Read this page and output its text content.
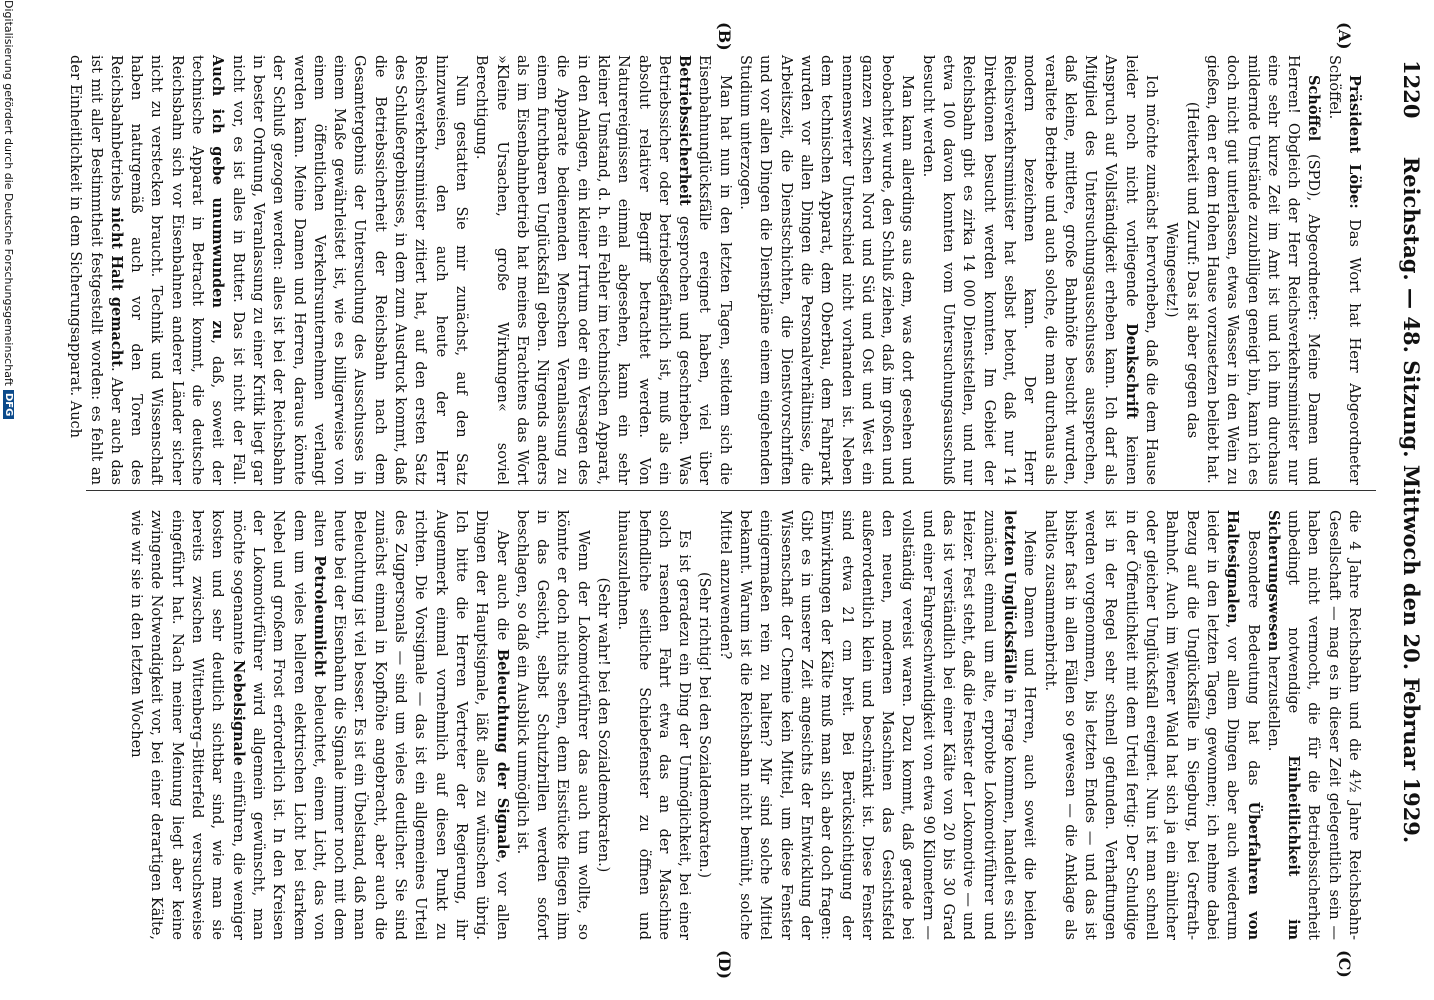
1220
Reichstag. — 48. Sitzung. Mittwoch den 20. Februar 1929.
(A)
(B)
(C)
(D)

Präsident Löbe: Das Wort hat Herr Abgeordneter Schöffel.

Schöffel (SPD), Abgeordneter: Meine Damen und Herren! Obgleich der Herr Reichsverkehrsminister nur eine sehr kurze Zeit im Amt ist und ich ihm durchaus mildernde Umstände zuzubilligen geneigt bin, kann ich es doch nicht gut unterlassen, etwas Wasser in den Wein zu gießen, den er dem Hohen Hause vorzusetzen beliebt hat.

(Heiterkeit und Zuruf: Das ist aber gegen das Weingesetz!)

Ich möchte zunächst hervorheben, daß die dem Hause leider noch nicht vorliegende Denkschrift keinen Anspruch auf Vollständigkeit erheben kann. Ich darf als Mitglied des Untersuchungsausschusses aussprechen, daß kleine, mittlere, große Bahnhöfe besucht wurden, veraltete Betriebe und auch solche, die man durchaus als modern bezeichnen kann. Der Herr Reichsverkehrsminister hat selbst betont, daß nur 14 Direktionen besucht werden konnten. Im Gebiet der Reichsbahn gibt es zirka 14 000 Dienststellen, und nur etwa 100 davon konnten vom Untersuchungsausschuß besucht werden.

Man kann allerdings aus dem, was dort gesehen und beobachtet wurde, den Schluß ziehen, daß im großen und ganzen zwischen Nord und Süd und Ost und West ein nennenswerter Unterschied nicht vorhanden ist. Neben dem technischen Apparat, dem Oberbau, dem Fahrpark wurden vor allen Dingen die Personalverhältnisse, die Arbeitszeit, die Dienstschichten, die Dienstvorschriften und vor allen Dingen die Dienstpläne einem eingehenden Studium unterzogen.

Man hat nun in den letzten Tagen, seitdem sich die Eisenbahnunglücksfälle ereignet haben, viel über Betriebssicherheit gesprochen und geschrieben. Was Betriebssicher oder betriebsgefährlich ist, muß als ein absolut relativer Begriff betrachtet werden. Von Naturereignissen einmal abgesehen, kann ein sehr kleiner Umstand, d. h. ein Fehler im technischen Apparat, in den Anlagen, ein kleiner Irrtum oder ein Versagen des die Apparate bedienenden Menschen Veranlassung zu einem furchtbaren Unglücksfall geben. Nirgends anders als im Eisenbahnbetrieb hat meines Erachtens das Wort »Kleine Ursachen, große Wirkungen« soviel Berechtigung.

Nun gestatten Sie mir zunächst, auf den Satz hinzuweisen, den auch heute der Herr Reichsverkehrsminister zitiert hat, auf den ersten Satz des Schlußergebnisses, in dem zum Ausdruck kommt, daß die Betriebssicherheit der Reichsbahn nach dem Gesamtergebnis der Untersuchung des Ausschusses in einem Maße gewährleistet ist, wie es billigerweise von einem öffentlichen Verkehrsunternehmen verlangt werden kann. Meine Damen und Herren, daraus könnte der Schluß gezogen werden: alles ist bei der Reichsbahn in bester Ordnung, Veranlassung zu einer Kritik liegt gar nicht vor, es ist alles in Butter. Das ist nicht der Fall. Auch ich gebe unumwunden zu, daß, soweit der technische Apparat in Betracht kommt, die deutsche Reichsbahn sich vor Eisenbahnen anderer Länder sicher nicht zu verstecken braucht. Technik und Wissenschaft haben naturgemäß auch vor den Toren des Reichsbahnbetriebs nicht Halt gemacht. Aber auch das ist mit aller Bestimmtheit festgestellt worden: es fehlt an der Einheitlichkeit in dem Sicherungsapparat. Auch

die 4 Jahre Reichsbahn und die 4½ Jahre Reichsbahn-Gesellschaft — mag es in dieser Zeit gelegentlich sein — haben nicht vermocht, die für die Betriebssicherheit unbedingt notwendige Einheitlichkeit im Sicherungswesen herzustellen.

Besondere Bedeutung hat das Überfahren von Haltesignalen, vor allem Dingen aber auch wiederum leider in den letzten Tagen, gewonnen; ich nehme dabei Bezug auf die Unglücksfälle in Siegburg, bei Grefrath-Bahnhof. Auch im Wiener Wald hat sich ja ein ähnlicher oder gleicher Unglücksfall ereignet. Nun ist man schnell in der Öffentlichkeit mit dem Urteil fertig: Der Schuldige ist in der Regel sehr schnell gefunden. Verhaftungen werden vorgenommen, bis letzten Endes — und das ist bisher fast in allen Fällen so gewesen — die Anklage als haltlos zusammenbricht.

Meine Damen und Herren, auch soweit die beiden letzten Unglücksfälle in Frage kommen, handelt es sich zunächst einmal um alte, erprobte Lokomotivführer und Heizer. Fest steht, daß die Fenster der Lokomotive — und das ist verständlich bei einer Kälte von 20 bis 30 Grad und einer Fahrgeschwindigkeit von etwa 90 Kilometern — vollständig vereist waren. Dazu kommt, daß gerade bei den neuen, modernen Maschinen das Gesichtsfeld außerordentlich klein und beschränkt ist. Diese Fenster sind etwa 21 cm breit. Bei Berücksichtigung der Einwirkungen der Kälte muß man sich aber doch fragen: Gibt es in unserer Zeit angesichts der Entwicklung der Wissenschaft der Chemie kein Mittel, um diese Fenster einigermaßen rein zu halten? Mir sind solche Mittel bekannt. Warum ist die Reichsbahn nicht bemüht, solche Mittel anzuwenden?

(Sehr richtig! bei den Sozialdemokraten.)

Es ist geradezu ein Ding der Unmöglichkeit, bei einer solch rasenden Fahrt etwa das an der Maschine befindliche seitliche Schiebefenster zu öffnen und hinauszulehnen.

(Sehr wahr! bei den Sozialdemokraten.)

Wenn der Lokomotivführer das auch tun wollte, so könnte er doch nichts sehen, denn Eisstücke fliegen ihm in das Gesicht, selbst Schutzbrillen werden sofort beschlagen, so daß ein Ausblick unmöglich ist.

Aber auch die Beleuchtung der Signale, vor allen Dingen der Hauptsignale, läßt alles zu wünschen übrig. Ich bitte die Herren Vertreter der Regierung, ihr Augenmerk einmal vornehmlich auf diesen Punkt zu richten. Die Vorsignale — das ist ein allgemeines Urteil des Zugpersonals — sind um vieles deutlicher. Sie sind zunächst einmal in Kopfhöhe angebracht, aber auch die Beleuchtung ist viel besser. Es ist ein Übelstand, daß man heute bei der Eisenbahn die Signale immer noch mit dem alten Petroleumlicht beleuchtet, einem Licht, das von dem um vieles helleren elektrischen Licht bei starkem Nebel und großem Frost erforderlich ist. In den Kreisen der Lokomotivführer wird allgemein gewünscht, man möchte sogenannte Nebelsignale einführen, die weniger kosten und sehr deutlich sichtbar sind, wie man sie bereits zwischen Wittenberg–Bitterfeld versuchsweise eingeführt hat. Nach meiner Meinung liegt aber keine zwingende Notwendigkeit vor, bei einer derartigen Kälte, wie wir sie in den letzten Wochen

Digitalisierung gefördert durch die Deutsche Forschungsgemeinschaft
DFG
